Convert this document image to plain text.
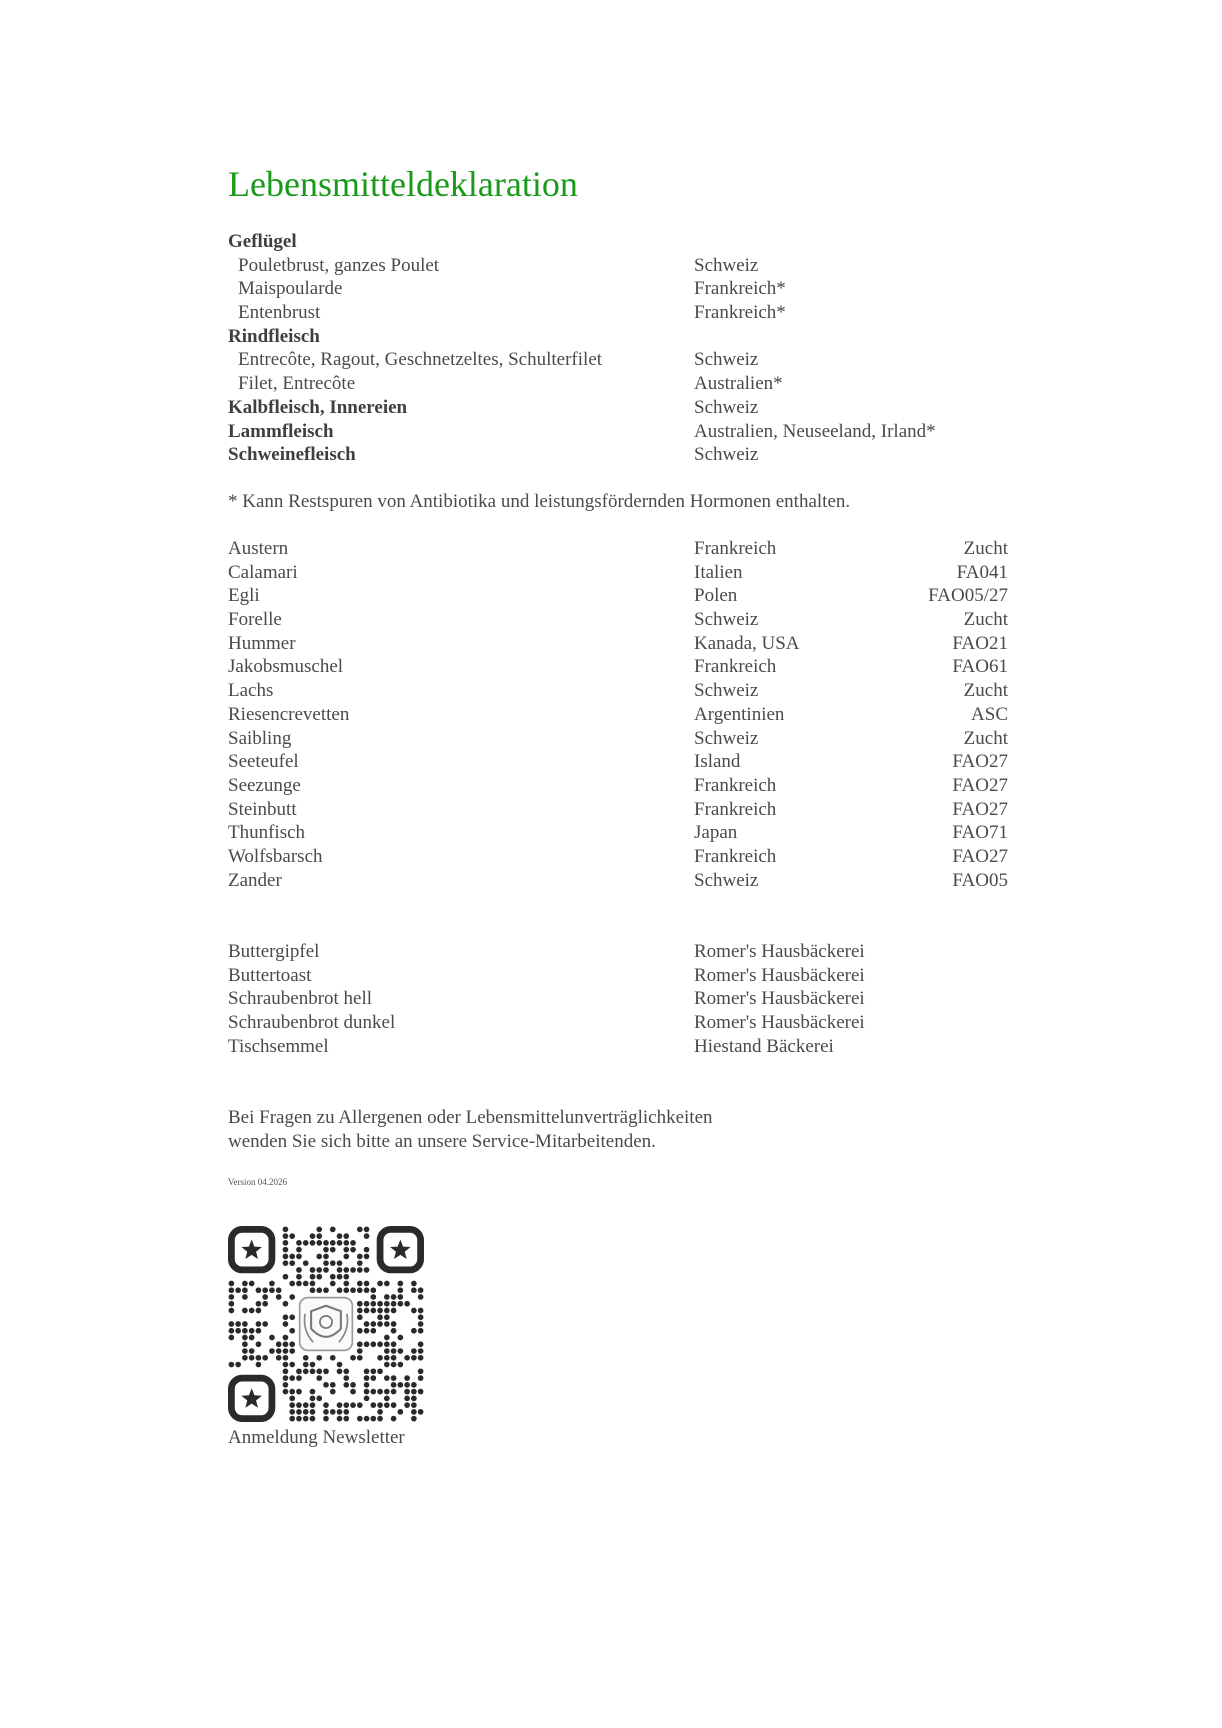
Lebensmitteldeklaration
Geflügel
Pouletbrust, ganzes Poulet	Schweiz
Maispoularde	Frankreich*
Entenbrust	Frankreich*
Rindfleisch
Entrecôte, Ragout, Geschnetzeltes, Schulterfilet	Schweiz
Filet, Entrecôte	Australien*
Kalbfleisch, Innereien	Schweiz
Lammfleisch	Australien, Neuseeland, Irland*
Schweinefleisch	Schweiz
* Kann Restspuren von Antibiotika und leistungsfördernden Hormonen enthalten.
Austern	Frankreich	Zucht
Calamari	Italien	FA041
Egli	Polen	FAO05/27
Forelle	Schweiz	Zucht
Hummer	Kanada, USA	FAO21
Jakobsmuschel	Frankreich	FAO61
Lachs	Schweiz	Zucht
Riesencrevetten	Argentinien	ASC
Saibling	Schweiz	Zucht
Seeteufel	Island	FAO27
Seezunge	Frankreich	FAO27
Steinbutt	Frankreich	FAO27
Thunfisch	Japan	FAO71
Wolfsbarsch	Frankreich	FAO27
Zander	Schweiz	FAO05
Buttergipfel	Romer's Hausbäckerei
Buttertoast	Romer's Hausbäckerei
Schraubenbrot hell	Romer's Hausbäckerei
Schraubenbrot dunkel	Romer's Hausbäckerei
Tischsemmel	Hiestand Bäckerei
Bei Fragen zu Allergenen oder Lebensmittelunverträglichkeiten
wenden Sie sich bitte an unsere Service-Mitarbeitenden.
Version 04.2026
Anmeldung Newsletter
